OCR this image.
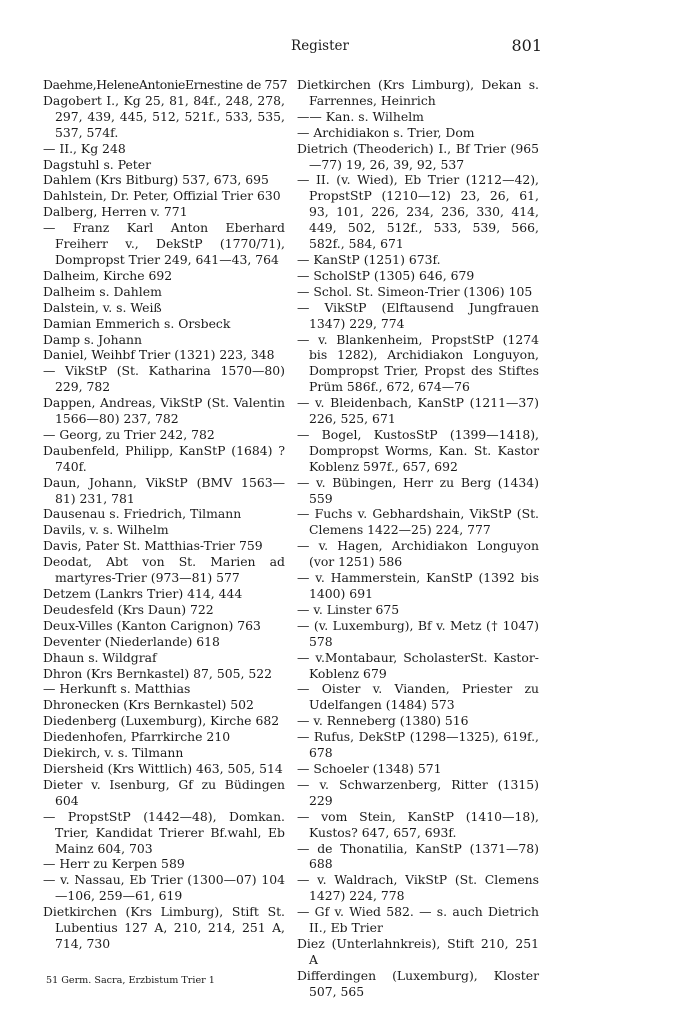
Register	801
Daehme,HeleneAntonieErnestine de 757
Dagobert I., Kg 25, 81, 84f., 248, 278, 297, 439, 445, 512, 521f., 533, 535, 537, 574f.
— II., Kg 248
Dagstuhl s. Peter
Dahlem (Krs Bitburg) 537, 673, 695
Dahlstein, Dr. Peter, Offizial Trier 630
Dalberg, Herren v. 771
— Franz Karl Anton Eberhard Freiherr v., DekStP (1770/71), Dompropst Trier 249, 641—43, 764
Dalheim, Kirche 692
Dalheim s. Dahlem
Dalstein, v. s. Weiß
Damian Emmerich s. Orsbeck
Damp s. Johann
Daniel, Weihbf Trier (1321) 223, 348
— VikStP (St. Katharina 1570—80) 229, 782
Dappen, Andreas, VikStP (St. Valentin 1566—80) 237, 782
— Georg, zu Trier 242, 782
Daubenfeld, Philipp, KanStP (1684) ? 740f.
Daun, Johann, VikStP (BMV 1563—81) 231, 781
Dausenau s. Friedrich, Tilmann
Davils, v. s. Wilhelm
Davis, Pater St. Matthias-Trier 759
Deodat, Abt von St. Marien ad martyres-Trier (973—81) 577
Detzem (Lankrs Trier) 414, 444
Deudesfeld (Krs Daun) 722
Deux-Villes (Kanton Carignon) 763
Deventer (Niederlande) 618
Dhaun s. Wildgraf
Dhron (Krs Bernkastel) 87, 505, 522
— Herkunft s. Matthias
Dhronecken (Krs Bernkastel) 502
Diedenberg (Luxemburg), Kirche 682
Diedenhofen, Pfarrkirche 210
Diekirch, v. s. Tilmann
Diersheid (Krs Wittlich) 463, 505, 514
Dieter v. Isenburg, Gf zu Büdingen 604
— PropstStP (1442—48), Domkan. Trier, Kandidat Trierer Bf.wahl, Eb Mainz 604, 703
— Herr zu Kerpen 589
— v. Nassau, Eb Trier (1300—07) 104—106, 259—61, 619
Dietkirchen (Krs Limburg), Stift St. Lubentius 127 A, 210, 214, 251 A, 714, 730
Dietkirchen (Krs Limburg), Dekan s. Farrennes, Heinrich
—— Kan. s. Wilhelm
— Archidiakon s. Trier, Dom
Dietrich (Theoderich) I., Bf Trier (965—77) 19, 26, 39, 92, 537
— II. (v. Wied), Eb Trier (1212—42), PropstStP (1210—12) 23, 26, 61, 93, 101, 226, 234, 236, 330, 414, 449, 502, 512f., 533, 539, 566, 582f., 584, 671
— KanStP (1251) 673f.
— ScholStP (1305) 646, 679
— Schol. St. Simeon-Trier (1306) 105
— VikStP (Elftausend Jungfrauen 1347) 229, 774
— v. Blankenheim, PropstStP (1274 bis 1282), Archidiakon Longuyon, Dompropst Trier, Propst des Stiftes Prüm 586f., 672, 674—76
— v. Bleidenbach, KanStP (1211—37) 226, 525, 671
— Bogel, KustosStP (1399—1418), Dompropst Worms, Kan. St. Kastor Koblenz 597f., 657, 692
— v. Bübingen, Herr zu Berg (1434) 559
— Fuchs v. Gebhardshain, VikStP (St. Clemens 1422—25) 224, 777
— v. Hagen, Archidiakon Longuyon (vor 1251) 586
— v. Hammerstein, KanStP (1392 bis 1400) 691
— v. Linster 675
— (v. Luxemburg), Bf v. Metz († 1047) 578
— v.Montabaur, ScholasterSt. Kastor-Koblenz 679
— Oister v. Vianden, Priester zu Udelfangen (1484) 573
— v. Renneberg (1380) 516
— Rufus, DekStP (1298—1325), 619f., 678
— Schoeler (1348) 571
— v. Schwarzenberg, Ritter (1315) 229
— vom Stein, KanStP (1410—18), Kustos? 647, 657, 693f.
— de Thonatilia, KanStP (1371—78) 688
— v. Waldrach, VikStP (St. Clemens 1427) 224, 778
— Gf v. Wied 582. — s. auch Dietrich II., Eb Trier
Diez (Unterlahnkreis), Stift 210, 251 A
Differdingen (Luxemburg), Kloster 507, 565
51 Germ. Sacra, Erzbistum Trier 1
